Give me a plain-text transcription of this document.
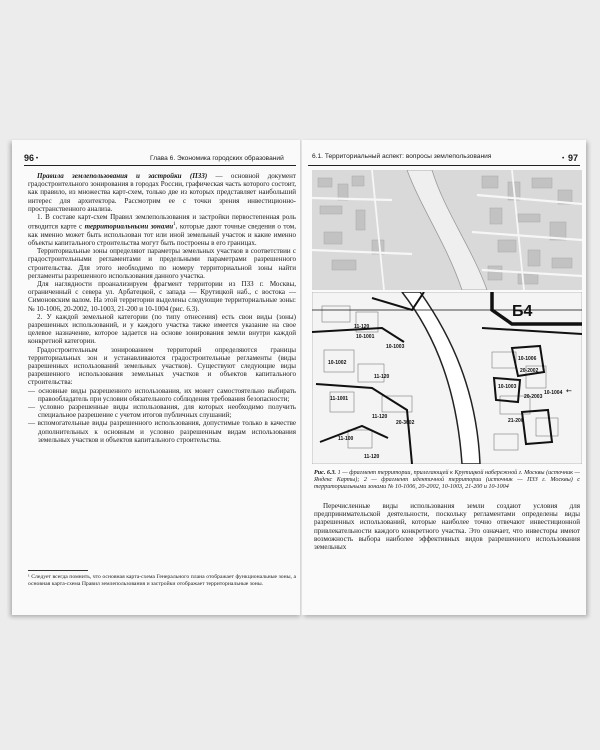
96 •	Глава 6. Экономика городских образований

Правила землепользования и застройки (ПЗЗ) — основной документ градостроительного зонирования в городах России, графическая часть которого состоит, как правило, из множества карт-схем, только две из которых представляет наибольший интерес для архитектора. Рассмотрим ее с точки зрения инвестиционно-пространственного анализа.

1. В составе карт-схем Правил землепользования и застройки первостепенная роль отводится карте с территориальными зонами$^1$, которые дают точные сведения о том, как именно может быть использован тот или иной земельный участок и какие именно объекты капитального строительства могут быть построены в его границах.

Территориальные зоны определяют параметры земельных участков в соответствии с градостроительными регламентами и предельными параметрами разрешенного строительства. Для этого необходимо по номеру территориальной зоны найти регламенты разрешенного использования данного участка.

Для наглядности проанализируем фрагмент территории из ПЗЗ г. Москвы, ограниченный с севера ул. Арбатецкой, с запада — Крутицкой наб., с востока — Симоновским валом. На этой территории выделены следующие территориальные зоны: № 10-1006, 20-2002, 10-1003, 21-200 и 10-1004 (рис. 6.3).

2. У каждой земельной категории (по типу отнесения) есть свои виды (зоны) разрешенных использований, и у каждого участка также имеется указание на свое целевое назначение, которое задается на основе зонирования земли внутри каждой конкретной категории.

Градостроительным зонированием территорий определяются границы территориальных зон и устанавливаются градостроительные регламенты (виды разрешенных использований земельных участков). Существуют следующие виды разрешенного использования земельных участков и объектов капитального строительства:

— основные виды разрешенного использования, их может самостоятельно выбирать правообладатель при условии обязательного соблюдения требования безопасности;

— условно разрешенные виды использования, для которых необходимо получить специальное разрешение с учетом итогов публичных слушаний;

— вспомогательные виды разрешенного использования, допустимые только в качестве дополнительных к основным и условно разрешенным видам использования земельных участков и объектов капитального строительства.

¹ Следует всегда помнить, что основная карта-схема Генерального плана отображает функциональные зоны, а основная карта-схема Правил землепользования и застройки отображает территориальные зоны.
6.1. Территориальный аспект: вопросы землепользования	• 97
Б4
11-120
10-1001
10-1003
10-1002
11-120
10-1006
20-2002
10-1003
20-2003
11-1001
11-120
20-3002
11-100
11-120
21-200
10-1004 ←
Рис. 6.3. 1 — фрагмент территории, прилегающей к Крутицкой набережной г. Москвы (источник — Яндекс Карты); 2 — фрагмент идентичной территории (источник — ПЗЗ г. Москвы) с территориальными зонами № 10-1006, 20-2002, 10-1003, 21-200 и 10-1004

Перечисленные виды использования земли создают условия для предпринимательской деятельности, поскольку регламентами определены виды разрешенных использований, которые наиболее точно отвечают инвестиционной привлекательности каждого конкретного участка. Это означает, что инвесторы имеют возможность выбора наиболее эффективных видов разрешенного использования земельных
